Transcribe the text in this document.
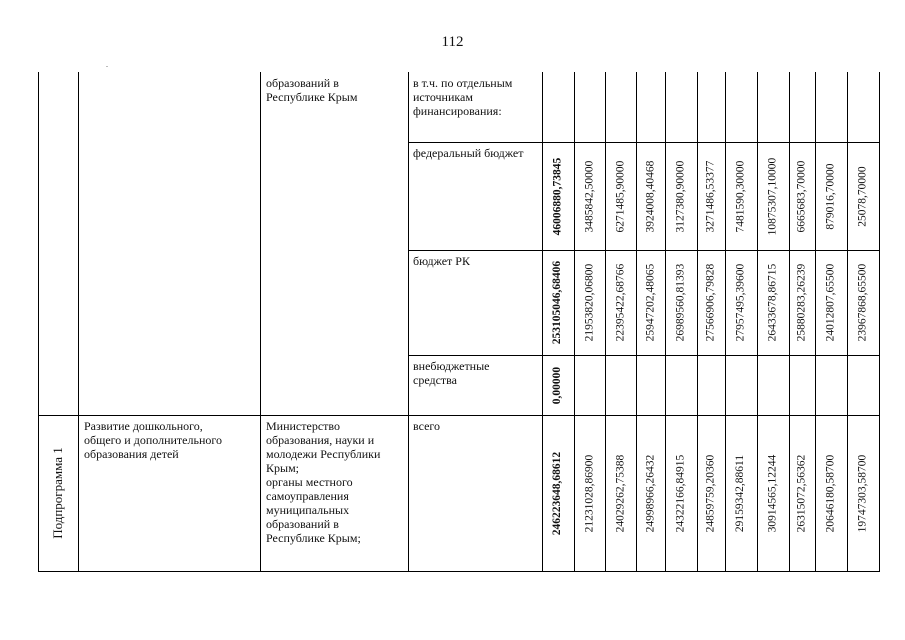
112
образований в
Республике Крым
в т.ч. по отдельным
источникам
финансирования:
федеральный бюджет
46006880,73845 3485842,50000 6271485,90000 3924008,40468 3127380,90000 3271486,53377 7481590,30000 10875307,10000 6665683,70000 879016,70000 25078,70000
бюджет РК	253105046,68406 21953820,06800 22395422,68766 25947202,48065 26989560,81393 27566906,79828 27957495,39600 26433678,86715 25880283,26239 24012807,65500 23967868,65500
внебюджетные
средства	0,00000
Подпрограмма 1
Развитие дошкольного,
общего и дополнительного
образования детей
Министерство
образования, науки и
молодежи Республики
Крым;
органы местного
самоуправления
муниципальных
образований в
Республике Крым;
всего
246223648,68612 21231028,86900 24029262,75388 24998966,26432 24322166,84915 24859759,20360 29159342,88611 30914565,12244 26315072,56362 20646180,58700 19747303,58700
